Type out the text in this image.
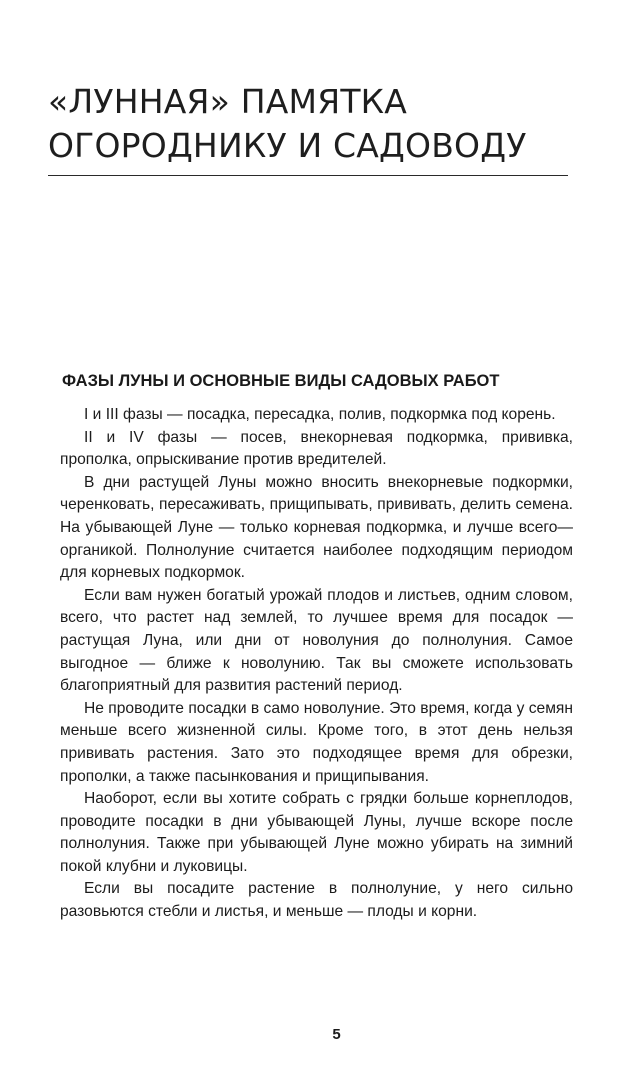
«ЛУННАЯ» ПАМЯТКА
ОГОРОДНИКУ И САДОВОДУ
ФАЗЫ ЛУНЫ И ОСНОВНЫЕ ВИДЫ САДОВЫХ РАБОТ

I и III фазы — посадка, пересадка, полив, подкормка под корень.

II и IV фазы — посев, внекорневая подкормка, прививка, прополка, опрыскивание против вредителей.

В дни растущей Луны можно вносить внекорневые подкормки, черенковать, пересаживать, прищипывать, прививать, делить семена. На убывающей Луне — только корневая подкормка, и лучше всего— органикой. Полнолуние считается наиболее подходящим периодом для корневых подкормок.

Если вам нужен богатый урожай плодов и листьев, одним словом, всего, что растет над землей, то лучшее время для посадок — растущая Луна, или дни от новолуния до полнолуния. Самое выгодное — ближе к новолунию. Так вы сможете использовать благоприятный для развития растений период.

Не проводите посадки в само новолуние. Это время, когда у семян меньше всего жизненной силы. Кроме того, в этот день нельзя прививать растения. Зато это подходящее время для обрезки, прополки, а также пасынкования и прищипывания.

Наоборот, если вы хотите собрать с грядки больше корнеплодов, проводите посадки в дни убывающей Луны, лучше вскоре после полнолуния. Также при убывающей Луне можно убирать на зимний покой клубни и луковицы.

Если вы посадите растение в полнолуние, у него сильно разовьются стебли и листья, и меньше — плоды и корни.

5
